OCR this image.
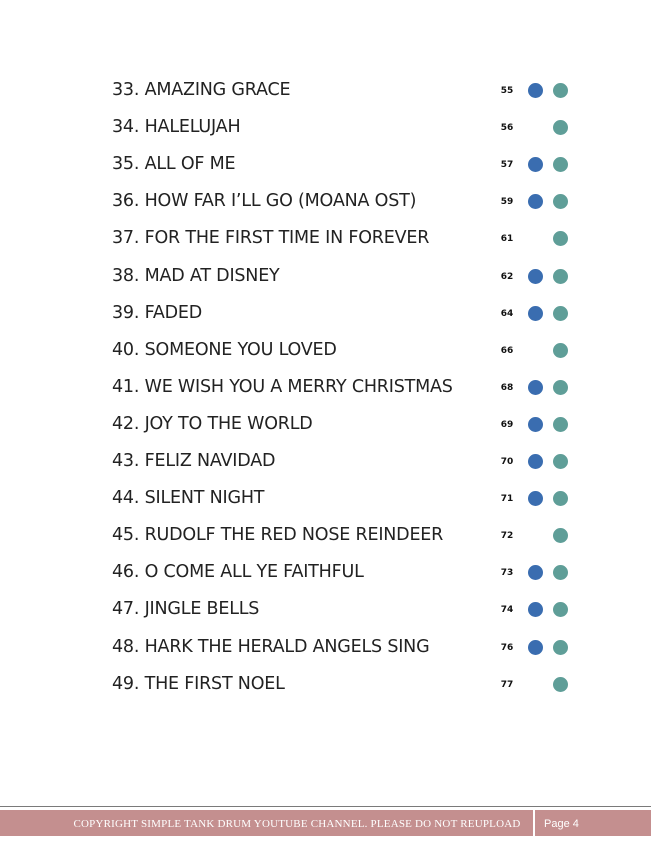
33. AMAZING GRACE	55
34. HALELUJAH	56
35. ALL OF ME	57
36. HOW FAR I’LL GO (MOANA OST)	59
37. FOR THE FIRST TIME IN FOREVER	61
38. MAD AT DISNEY	62
39. FADED	64
40. SOMEONE YOU LOVED	66
41. WE WISH YOU A MERRY CHRISTMAS	68
42. JOY TO THE WORLD	69
43. FELIZ NAVIDAD	70
44. SILENT NIGHT	71
45. RUDOLF THE RED NOSE REINDEER	72
46. O COME ALL YE FAITHFUL	73
47. JINGLE BELLS	74
48. HARK THE HERALD ANGELS SING	76
49. THE FIRST NOEL	77
COPYRIGHT SIMPLE TANK DRUM YOUTUBE CHANNEL. PLEASE DO NOT REUPLOAD	Page 4
